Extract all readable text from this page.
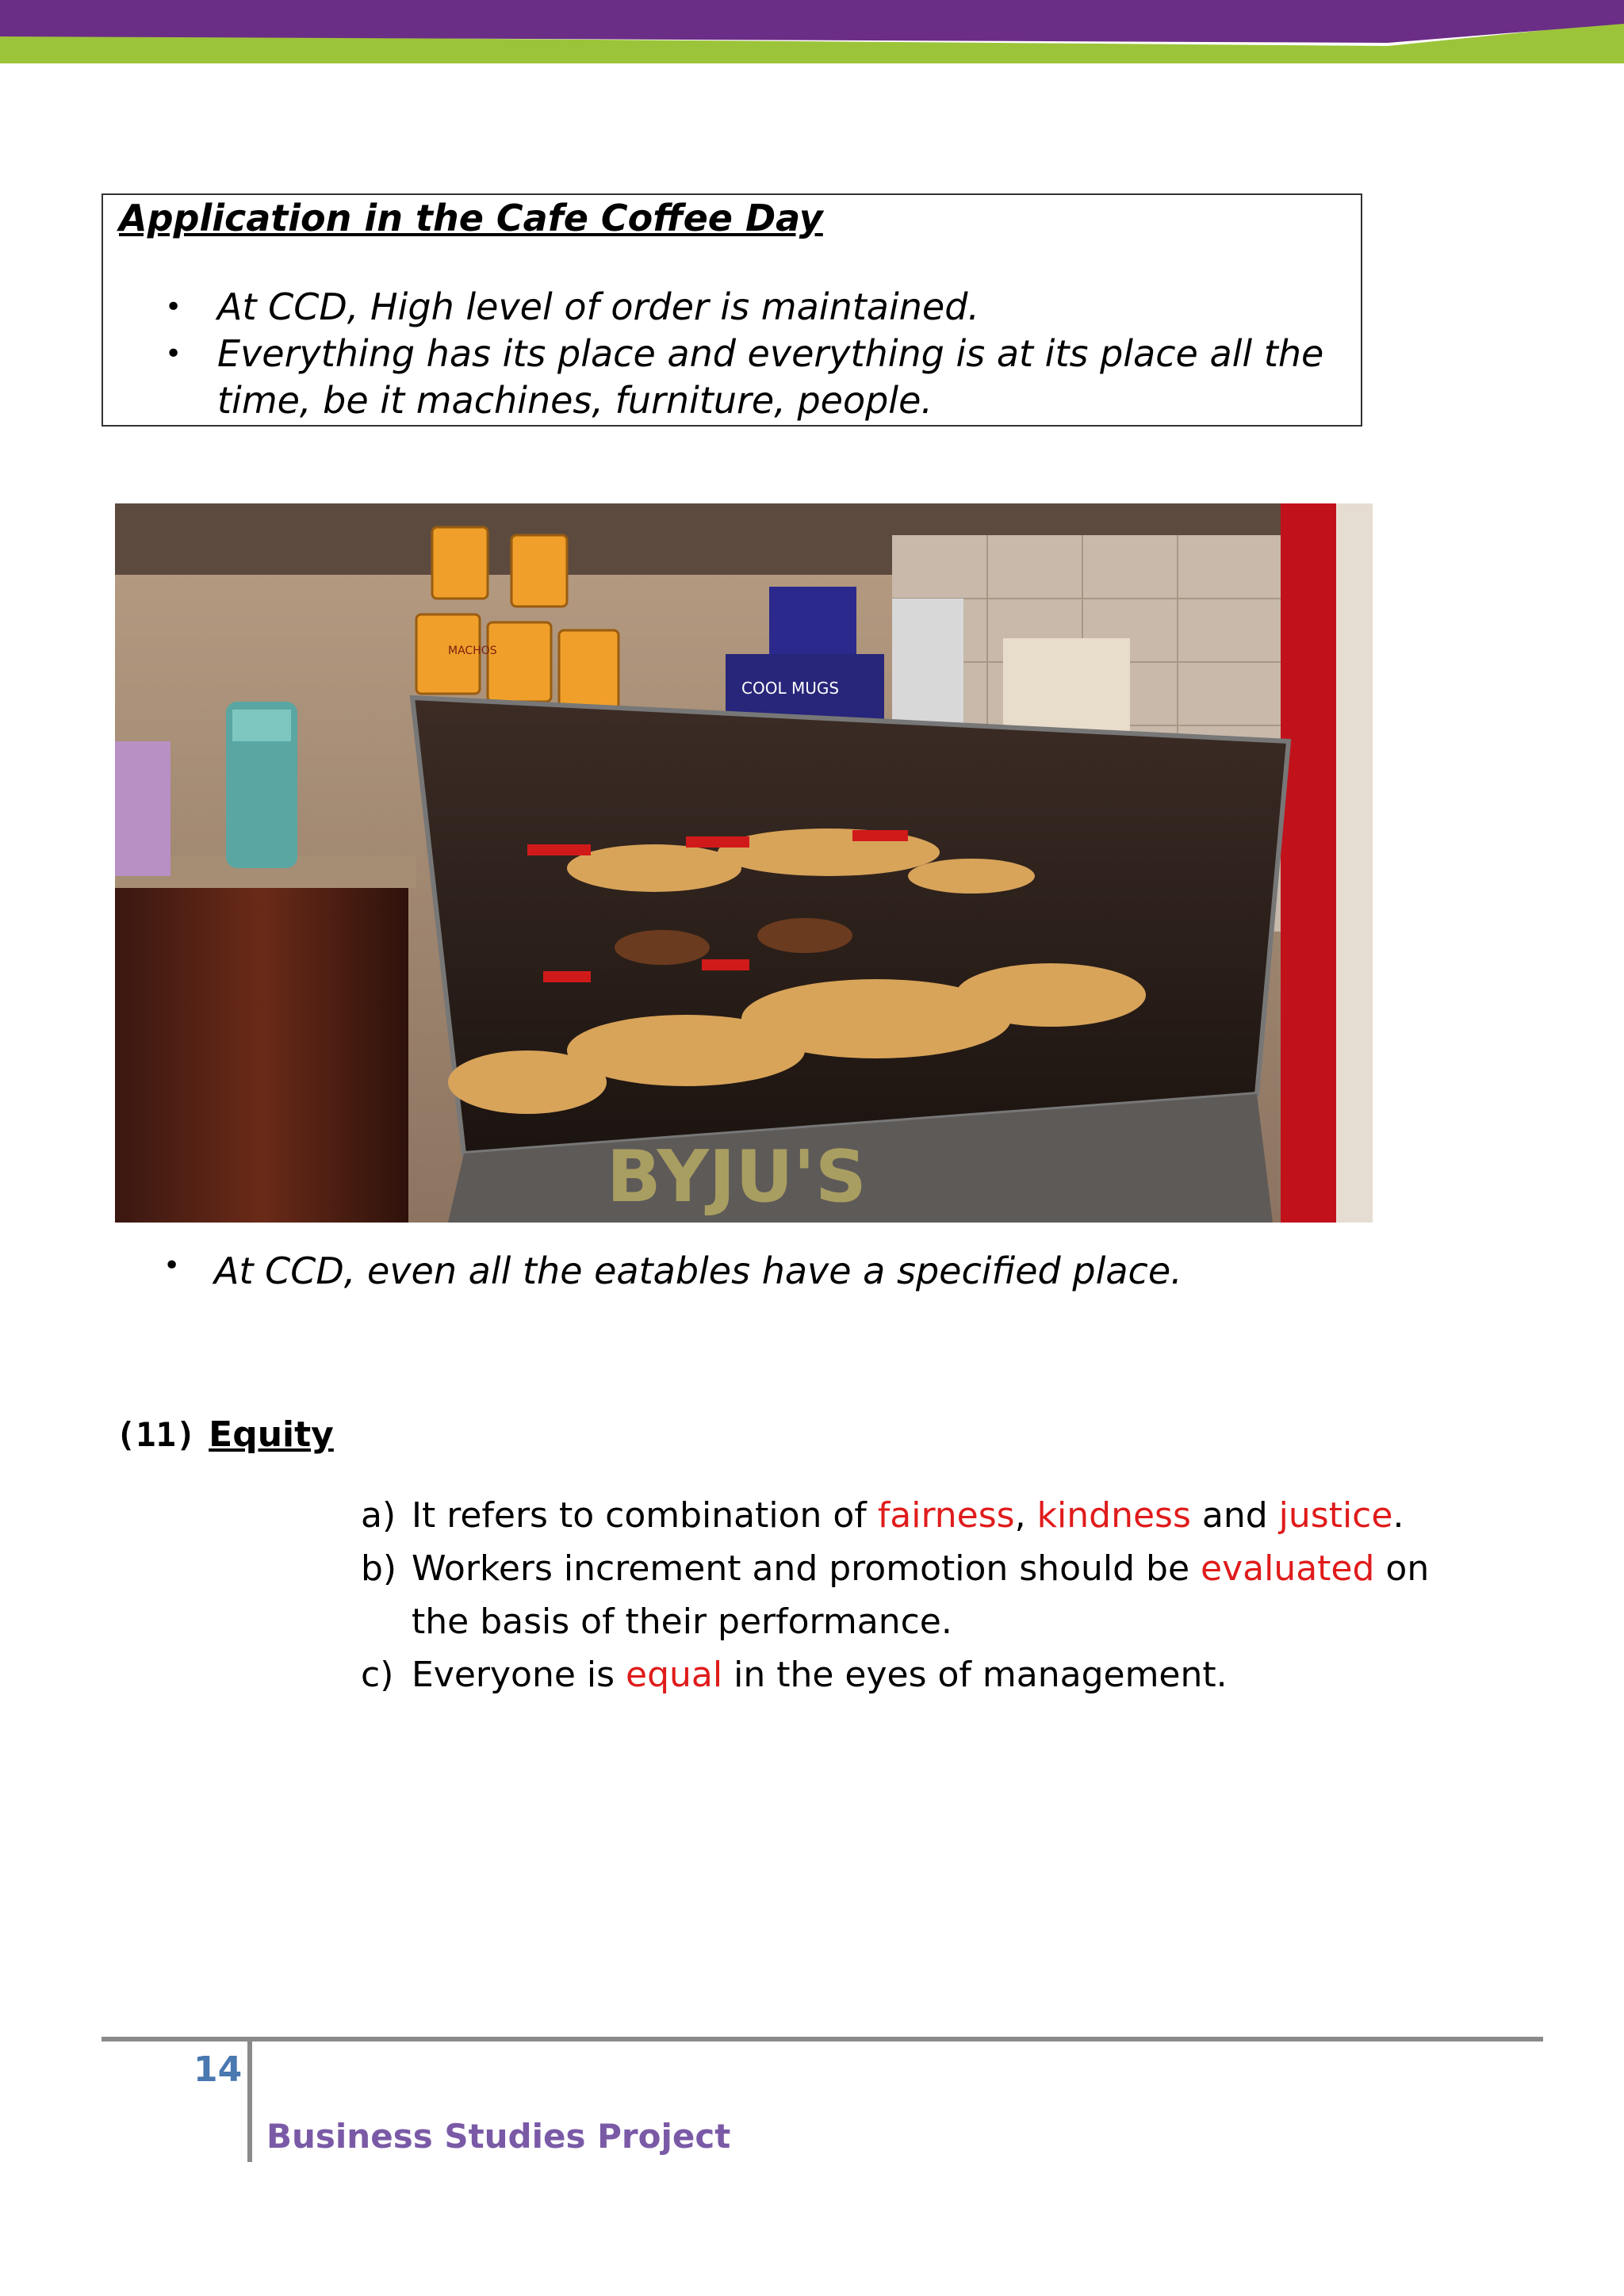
Application in the Cafe Coffee Day
• At CCD, High level of order is maintained.
• Everything has its place and everything is at its place all the time, be it machines, furniture, people.
MACHOS
COOL MUGS
BYJU'S
• At CCD, even all the eatables have a specified place.
(11) Equity
a) It refers to combination of fairness, kindness and justice.
b) Workers increment and promotion should be evaluated on the basis of their performance.
c) Everyone is equal in the eyes of management.
14
Business Studies Project
